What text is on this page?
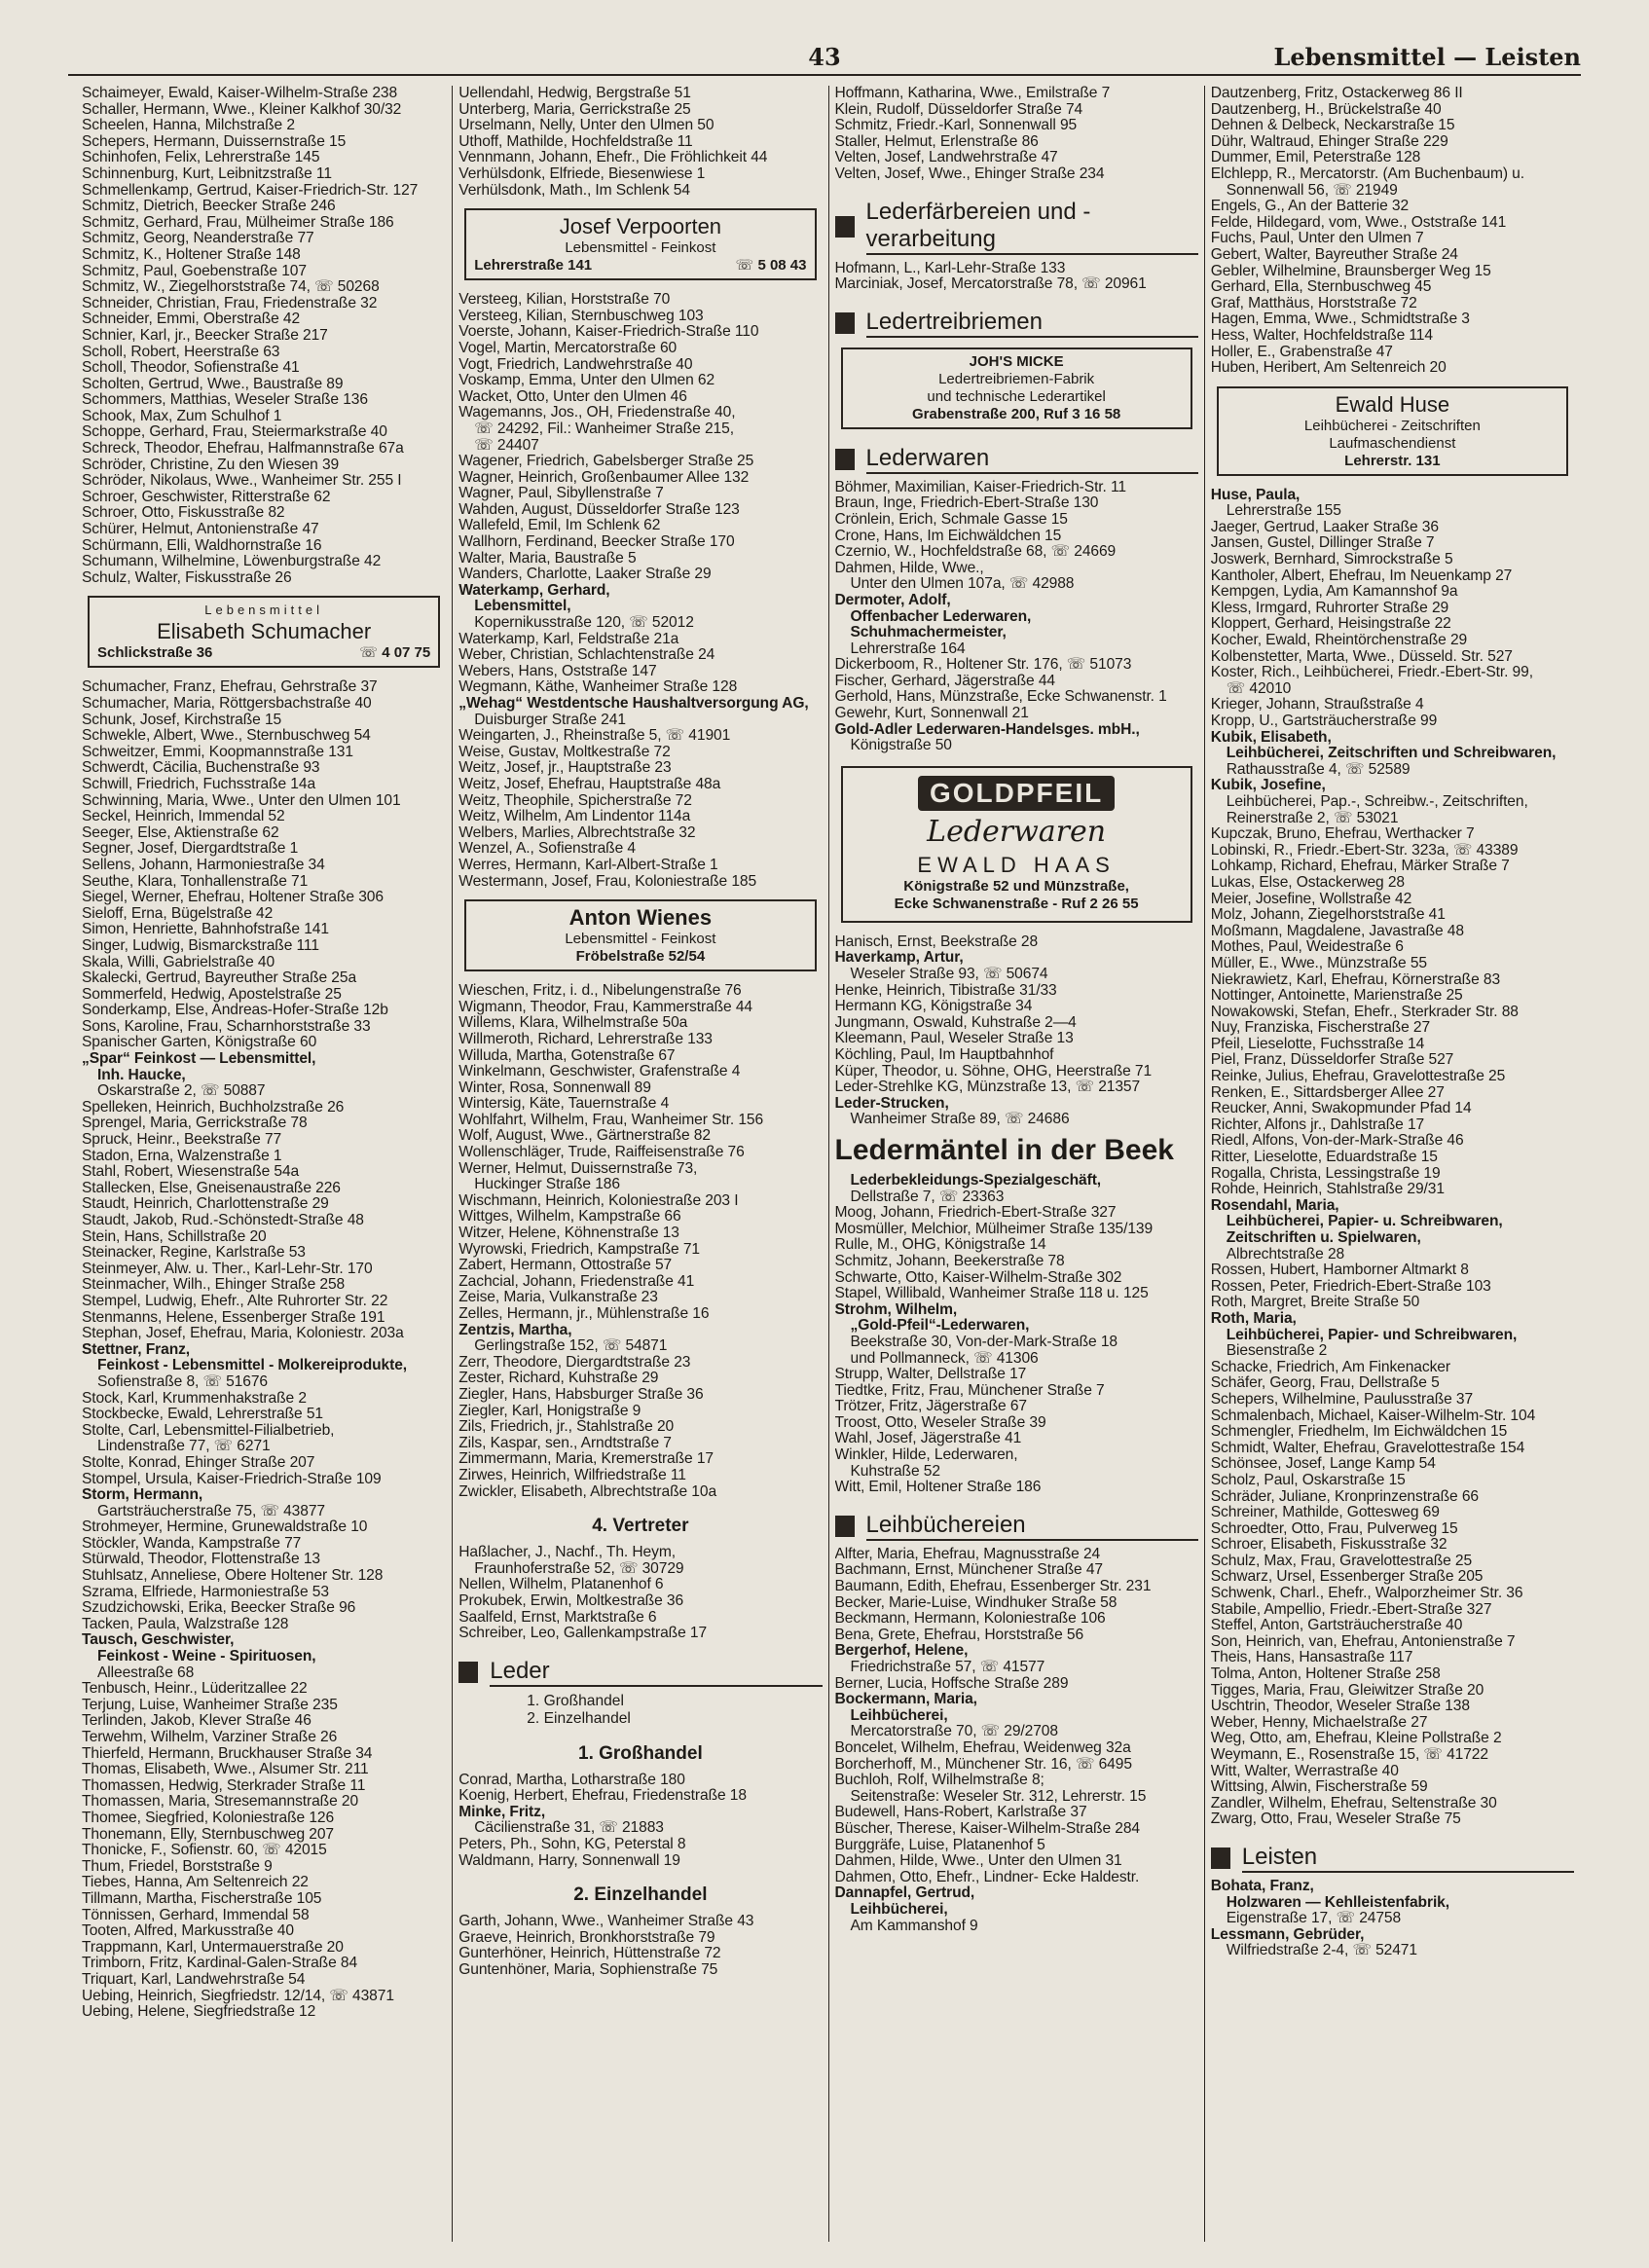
43	Lebensmittel — Leisten
Schaimeyer, Ewald, Kaiser-Wilhelm-Straße 238
Schaller, Hermann, Wwe., Kleiner Kalkhof 30/32
Scheelen, Hanna, Milchstraße 2
Schepers, Hermann, Duissernstraße 15
Schinhofen, Felix, Lehrerstraße 145
Schinnenburg, Kurt, Leibnitzstraße 11
Schmellenkamp, Gertrud, Kaiser-Friedrich-Str. 127
Schmitz, Dietrich, Beecker Straße 246
Schmitz, Gerhard, Frau, Mülheimer Straße 186
Schmitz, Georg, Neanderstraße 77
Schmitz, K., Holtener Straße 148
Schmitz, Paul, Goebenstraße 107
Schmitz, W., Ziegelhorststraße 74, ☏ 50268
Schneider, Christian, Frau, Friedenstraße 32
Schneider, Emmi, Oberstraße 42
Schnier, Karl, jr., Beecker Straße 217
Scholl, Robert, Heerstraße 63
Scholl, Theodor, Sofienstraße 41
Scholten, Gertrud, Wwe., Baustraße 89
Schommers, Matthias, Weseler Straße 136
Schook, Max, Zum Schulhof 1
Schoppe, Gerhard, Frau, Steiermarkstraße 40
Schreck, Theodor, Ehefrau, Halfmannstraße 67a
Schröder, Christine, Zu den Wiesen 39
Schröder, Nikolaus, Wwe., Wanheimer Str. 255 I
Schroer, Geschwister, Ritterstraße 62
Schroer, Otto, Fiskusstraße 82
Schürer, Helmut, Antonienstraße 47
Schürmann, Elli, Waldhornstraße 16
Schumann, Wilhelmine, Löwenburgstraße 42
Schulz, Walter, Fiskusstraße 26
Lebensmittel
Elisabeth Schumacher
Schlickstraße 36	☏ 4 07 75
Schumacher, Franz, Ehefrau, Gehrstraße 37
Schumacher, Maria, Röttgersbachstraße 40
Schunk, Josef, Kirchstraße 15
Schwekle, Albert, Wwe., Sternbuschweg 54
Schweitzer, Emmi, Koopmannstraße 131
Schwerdt, Cäcilia, Buchenstraße 93
Schwill, Friedrich, Fuchsstraße 14a
Schwinning, Maria, Wwe., Unter den Ulmen 101
Seckel, Heinrich, Immendal 52
Seeger, Else, Aktienstraße 62
Segner, Josef, Diergardtstraße 1
Sellens, Johann, Harmoniestraße 34
Seuthe, Klara, Tonhallenstraße 71
Siegel, Werner, Ehefrau, Holtener Straße 306
Sieloff, Erna, Bügelstraße 42
Simon, Henriette, Bahnhofstraße 141
Singer, Ludwig, Bismarckstraße 111
Skala, Willi, Gabrielstraße 40
Skalecki, Gertrud, Bayreuther Straße 25a
Sommerfeld, Hedwig, Apostelstraße 25
Sonderkamp, Else, Andreas-Hofer-Straße 12b
Sons, Karoline, Frau, Scharnhorststraße 33
Spanischer Garten, Königstraße 60
„Spar“ Feinkost — Lebensmittel,
Inh. Haucke,
Oskarstraße 2, ☏ 50887
Spelleken, Heinrich, Buchholzstraße 26
Sprengel, Maria, Gerrickstraße 78
Spruck, Heinr., Beekstraße 77
Stadon, Erna, Walzenstraße 1
Stahl, Robert, Wiesenstraße 54a
Stallecken, Else, Gneisenaustraße 226
Staudt, Heinrich, Charlottenstraße 29
Staudt, Jakob, Rud.-Schönstedt-Straße 48
Stein, Hans, Schillstraße 20
Steinacker, Regine, Karlstraße 53
Steinmeyer, Alw. u. Ther., Karl-Lehr-Str. 170
Steinmacher, Wilh., Ehinger Straße 258
Stempel, Ludwig, Ehefr., Alte Ruhrorter Str. 22
Stenmanns, Helene, Essenberger Straße 191
Stephan, Josef, Ehefrau, Maria, Koloniestr. 203a
Stettner, Franz,
Feinkost - Lebensmittel - Molkereiprodukte,
Sofienstraße 8, ☏ 51676
Stock, Karl, Krummenhakstraße 2
Stockbecke, Ewald, Lehrerstraße 51
Stolte, Carl, Lebensmittel-Filialbetrieb,
Lindenstraße 77, ☏ 6271
Stolte, Konrad, Ehinger Straße 207
Stompel, Ursula, Kaiser-Friedrich-Straße 109
Storm, Hermann,
Gartsträucherstraße 75, ☏ 43877
Strohmeyer, Hermine, Grunewaldstraße 10
Stöckler, Wanda, Kampstraße 77
Stürwald, Theodor, Flottenstraße 13
Stuhlsatz, Anneliese, Obere Holtener Str. 128
Szrama, Elfriede, Harmoniestraße 53
Szudzichowski, Erika, Beecker Straße 96
Tacken, Paula, Walzstraße 128
Tausch, Geschwister,
Feinkost - Weine - Spirituosen,
Alleestraße 68
Tenbusch, Heinr., Lüderitzallee 22
Terjung, Luise, Wanheimer Straße 235
Terlinden, Jakob, Klever Straße 46
Terwehm, Wilhelm, Varziner Straße 26
Thierfeld, Hermann, Bruckhauser Straße 34
Thomas, Elisabeth, Wwe., Alsumer Str. 211
Thomassen, Hedwig, Sterkrader Straße 11
Thomassen, Maria, Stresemannstraße 20
Thomee, Siegfried, Koloniestraße 126
Thonemann, Elly, Sternbuschweg 207
Thonicke, F., Sofienstr. 60, ☏ 42015
Thum, Friedel, Borststraße 9
Tiebes, Hanna, Am Seltenreich 22
Tillmann, Martha, Fischerstraße 105
Tönnissen, Gerhard, Immendal 58
Tooten, Alfred, Markusstraße 40
Trappmann, Karl, Untermauerstraße 20
Trimborn, Fritz, Kardinal-Galen-Straße 84
Triquart, Karl, Landwehrstraße 54
Uebing, Heinrich, Siegfriedstr. 12/14, ☏ 43871
Uebing, Helene, Siegfriedstraße 12
Uellendahl, Hedwig, Bergstraße 51
Unterberg, Maria, Gerrickstraße 25
Urselmann, Nelly, Unter den Ulmen 50
Uthoff, Mathilde, Hochfeldstraße 11
Vennmann, Johann, Ehefr., Die Fröhlichkeit 44
Verhülsdonk, Elfriede, Biesenwiese 1
Verhülsdonk, Math., Im Schlenk 54
Josef Verpoorten
Lebensmittel - Feinkost
Lehrerstraße 141	☏ 5 08 43
Versteeg, Kilian, Horststraße 70
Versteeg, Kilian, Sternbuschweg 103
Voerste, Johann, Kaiser-Friedrich-Straße 110
Vogel, Martin, Mercatorstraße 60
Vogt, Friedrich, Landwehrstraße 40
Voskamp, Emma, Unter den Ulmen 62
Wacket, Otto, Unter den Ulmen 46
Wagemanns, Jos., OH, Friedenstraße 40,
☏ 24292, Fil.: Wanheimer Straße 215,
☏ 24407
Wagener, Friedrich, Gabelsberger Straße 25
Wagner, Heinrich, Großenbaumer Allee 132
Wagner, Paul, Sibyllenstraße 7
Wahden, August, Düsseldorfer Straße 123
Wallefeld, Emil, Im Schlenk 62
Wallhorn, Ferdinand, Beecker Straße 170
Walter, Maria, Baustraße 5
Wanders, Charlotte, Laaker Straße 29
Waterkamp, Gerhard,
Lebensmittel,
Kopernikusstraße 120, ☏ 52012
Waterkamp, Karl, Feldstraße 21a
Weber, Christian, Schlachtenstraße 24
Webers, Hans, Oststraße 147
Wegmann, Käthe, Wanheimer Straße 128
„Wehag“ Westdentsche Haushaltversorgung AG,
Duisburger Straße 241
Weingarten, J., Rheinstraße 5, ☏ 41901
Weise, Gustav, Moltkestraße 72
Weitz, Josef, jr., Hauptstraße 23
Weitz, Josef, Ehefrau, Hauptstraße 48a
Weitz, Theophile, Spicherstraße 72
Weitz, Wilhelm, Am Lindentor 114a
Welbers, Marlies, Albrechtstraße 32
Wenzel, A., Sofienstraße 4
Werres, Hermann, Karl-Albert-Straße 1
Westermann, Josef, Frau, Koloniestraße 185
Anton Wienes
Lebensmittel - Feinkost
Fröbelstraße 52/54
Wieschen, Fritz, i. d., Nibelungenstraße 76
Wigmann, Theodor, Frau, Kammerstraße 44
Willems, Klara, Wilhelmstraße 50a
Willmeroth, Richard, Lehrerstraße 133
Willuda, Martha, Gotenstraße 67
Winkelmann, Geschwister, Grafenstraße 4
Winter, Rosa, Sonnenwall 89
Wintersig, Käte, Tauernstraße 4
Wohlfahrt, Wilhelm, Frau, Wanheimer Str. 156
Wolf, August, Wwe., Gärtnerstraße 82
Wollenschläger, Trude, Raiffeisenstraße 76
Werner, Helmut, Duissernstraße 73,
Huckinger Straße 186
Wischmann, Heinrich, Koloniestraße 203 I
Wittges, Wilhelm, Kampstraße 66
Witzer, Helene, Köhnenstraße 13
Wyrowski, Friedrich, Kampstraße 71
Zabert, Hermann, Ottostraße 57
Zachcial, Johann, Friedenstraße 41
Zeise, Maria, Vulkanstraße 23
Zelles, Hermann, jr., Mühlenstraße 16
Zentzis, Martha,
Gerlingstraße 152, ☏ 54871
Zerr, Theodore, Diergardtstraße 23
Zester, Richard, Kuhstraße 29
Ziegler, Hans, Habsburger Straße 36
Ziegler, Karl, Honigstraße 9
Zils, Friedrich, jr., Stahlstraße 20
Zils, Kaspar, sen., Arndtstraße 7
Zimmermann, Maria, Kremerstraße 17
Zirwes, Heinrich, Wilfriedstraße 11
Zwickler, Elisabeth, Albrechtstraße 10a
4. Vertreter
Haßlacher, J., Nachf., Th. Heym,
Fraunhoferstraße 52, ☏ 30729
Nellen, Wilhelm, Platanenhof 6
Prokubek, Erwin, Moltkestraße 36
Saalfeld, Ernst, Marktstraße 6
Schreiber, Leo, Gallenkampstraße 17
Leder
1. Großhandel
2. Einzelhandel
1. Großhandel
Conrad, Martha, Lotharstraße 180
Koenig, Herbert, Ehefrau, Friedenstraße 18
Minke, Fritz,
Cäcilienstraße 31, ☏ 21883
Peters, Ph., Sohn, KG, Peterstal 8
Waldmann, Harry, Sonnenwall 19
2. Einzelhandel
Garth, Johann, Wwe., Wanheimer Straße 43
Graeve, Heinrich, Bronkhorststraße 79
Gunterhöner, Heinrich, Hüttenstraße 72
Guntenhöner, Maria, Sophienstraße 75
Hoffmann, Katharina, Wwe., Emilstraße 7
Klein, Rudolf, Düsseldorfer Straße 74
Schmitz, Friedr.-Karl, Sonnenwall 95
Staller, Helmut, Erlenstraße 86
Velten, Josef, Landwehrstraße 47
Velten, Josef, Wwe., Ehinger Straße 234
Lederfärbereien und -verarbeitung
Hofmann, L., Karl-Lehr-Straße 133
Marciniak, Josef, Mercatorstraße 78, ☏ 20961
Ledertreibriemen
JOH'S MICKE
Ledertreibriemen-Fabrik
und technische Lederartikel
Grabenstraße 200, Ruf 3 16 58
Lederwaren
Böhmer, Maximilian, Kaiser-Friedrich-Str. 11
Braun, Inge, Friedrich-Ebert-Straße 130
Crönlein, Erich, Schmale Gasse 15
Crone, Hans, Im Eichwäldchen 15
Czernio, W., Hochfeldstraße 68, ☏ 24669
Dahmen, Hilde, Wwe.,
Unter den Ulmen 107a, ☏ 42988
Dermoter, Adolf,
Offenbacher Lederwaren,
Schuhmachermeister,
Lehrerstraße 164
Dickerboom, R., Holtener Str. 176, ☏ 51073
Fischer, Gerhard, Jägerstraße 44
Gerhold, Hans, Münzstraße, Ecke Schwanenstr. 1
Gewehr, Kurt, Sonnenwall 21
Gold-Adler Lederwaren-Handelsges. mbH.,
Königstraße 50
GOLDPFEIL
Lederwaren
EWALD HAAS
Königstraße 52 und Münzstraße,
Ecke Schwanenstraße - Ruf 2 26 55
Hanisch, Ernst, Beekstraße 28
Haverkamp, Artur,
Weseler Straße 93, ☏ 50674
Henke, Heinrich, Tibistraße 31/33
Hermann KG, Königstraße 34
Jungmann, Oswald, Kuhstraße 2—4
Kleemann, Paul, Weseler Straße 13
Köchling, Paul, Im Hauptbahnhof
Küper, Theodor, u. Söhne, OHG, Heerstraße 71
Leder-Strehlke KG, Münzstraße 13, ☏ 21357
Leder-Strucken,
Wanheimer Straße 89, ☏ 24686
Ledermäntel in der Beek
Lederbekleidungs-Spezialgeschäft,
Dellstraße 7, ☏ 23363
Moog, Johann, Friedrich-Ebert-Straße 327
Mosmüller, Melchior, Mülheimer Straße 135/139
Rulle, M., OHG, Königstraße 14
Schmitz, Johann, Beekerstraße 78
Schwarte, Otto, Kaiser-Wilhelm-Straße 302
Stapel, Willibald, Wanheimer Straße 118 u. 125
Strohm, Wilhelm,
„Gold-Pfeil“-Lederwaren,
Beekstraße 30, Von-der-Mark-Straße 18
und Pollmanneck, ☏ 41306
Strupp, Walter, Dellstraße 17
Tiedtke, Fritz, Frau, Münchener Straße 7
Trötzer, Fritz, Jägerstraße 67
Troost, Otto, Weseler Straße 39
Wahl, Josef, Jägerstraße 41
Winkler, Hilde, Lederwaren,
Kuhstraße 52
Witt, Emil, Holtener Straße 186
Leihbüchereien
Alfter, Maria, Ehefrau, Magnusstraße 24
Bachmann, Ernst, Münchener Straße 47
Baumann, Edith, Ehefrau, Essenberger Str. 231
Becker, Marie-Luise, Windhuker Straße 58
Beckmann, Hermann, Koloniestraße 106
Bena, Grete, Ehefrau, Horststraße 56
Bergerhof, Helene,
Friedrichstraße 57, ☏ 41577
Berner, Lucia, Hoffsche Straße 289
Bockermann, Maria,
Leihbücherei,
Mercatorstraße 70, ☏ 29/2708
Boncelet, Wilhelm, Ehefrau, Weidenweg 32a
Borcherhoff, M., Münchener Str. 16, ☏ 6495
Buchloh, Rolf, Wilhelmstraße 8;
Seitenstraße: Weseler Str. 312, Lehrerstr. 15
Budewell, Hans-Robert, Karlstraße 37
Büscher, Therese, Kaiser-Wilhelm-Straße 284
Burggräfe, Luise, Platanenhof 5
Dahmen, Hilde, Wwe., Unter den Ulmen 31
Dahmen, Otto, Ehefr., Lindner- Ecke Haldestr.
Dannapfel, Gertrud,
Leihbücherei,
Am Kammanshof 9
Dautzenberg, Fritz, Ostackerweg 86 II
Dautzenberg, H., Brückelstraße 40
Dehnen & Delbeck, Neckarstraße 15
Dühr, Waltraud, Ehinger Straße 229
Dummer, Emil, Peterstraße 128
Elchlepp, R., Mercatorstr. (Am Buchenbaum) u.
Sonnenwall 56, ☏ 21949
Engels, G., An der Batterie 32
Felde, Hildegard, vom, Wwe., Oststraße 141
Fuchs, Paul, Unter den Ulmen 7
Gebert, Walter, Bayreuther Straße 24
Gebler, Wilhelmine, Braunsberger Weg 15
Gerhard, Ella, Sternbuschweg 45
Graf, Matthäus, Horststraße 72
Hagen, Emma, Wwe., Schmidtstraße 3
Hess, Walter, Hochfeldstraße 114
Holler, E., Grabenstraße 47
Huben, Heribert, Am Seltenreich 20
Ewald Huse
Leihbücherei - Zeitschriften
Laufmaschendienst
Lehrerstr. 131
Huse, Paula,
Lehrerstraße 155
Jaeger, Gertrud, Laaker Straße 36
Jansen, Gustel, Dillinger Straße 7
Joswerk, Bernhard, Simrockstraße 5
Kantholer, Albert, Ehefrau, Im Neuenkamp 27
Kempgen, Lydia, Am Kamannshof 9a
Kless, Irmgard, Ruhrorter Straße 29
Kloppert, Gerhard, Heisingstraße 22
Kocher, Ewald, Rheintörchenstraße 29
Kolbenstetter, Marta, Wwe., Düsseld. Str. 527
Koster, Rich., Leihbücherei, Friedr.-Ebert-Str. 99,
☏ 42010
Krieger, Johann, Straußstraße 4
Kropp, U., Gartsträucherstraße 99
Kubik, Elisabeth,
Leihbücherei, Zeitschriften und Schreibwaren,
Rathausstraße 4, ☏ 52589
Kubik, Josefine,
Leihbücherei, Pap.-, Schreibw.-, Zeitschriften,
Reinerstraße 2, ☏ 53021
Kupczak, Bruno, Ehefrau, Werthacker 7
Lobinski, R., Friedr.-Ebert-Str. 323a, ☏ 43389
Lohkamp, Richard, Ehefrau, Märker Straße 7
Lukas, Else, Ostackerweg 28
Meier, Josefine, Wollstraße 42
Molz, Johann, Ziegelhorststraße 41
Moßmann, Magdalene, Javastraße 48
Mothes, Paul, Weidestraße 6
Müller, E., Wwe., Münzstraße 55
Niekrawietz, Karl, Ehefrau, Körnerstraße 83
Nottinger, Antoinette, Marienstraße 25
Nowakowski, Stefan, Ehefr., Sterkrader Str. 88
Nuy, Franziska, Fischerstraße 27
Pfeil, Lieselotte, Fuchsstraße 14
Piel, Franz, Düsseldorfer Straße 527
Reinke, Julius, Ehefrau, Gravelottestraße 25
Renken, E., Sittardsberger Allee 27
Reucker, Anni, Swakopmunder Pfad 14
Richter, Alfons jr., Dahlstraße 17
Riedl, Alfons, Von-der-Mark-Straße 46
Ritter, Lieselotte, Eduardstraße 15
Rogalla, Christa, Lessingstraße 19
Rohde, Heinrich, Stahlstraße 29/31
Rosendahl, Maria,
Leihbücherei, Papier- u. Schreibwaren,
Zeitschriften u. Spielwaren,
Albrechtstraße 28
Rossen, Hubert, Hamborner Altmarkt 8
Rossen, Peter, Friedrich-Ebert-Straße 103
Roth, Margret, Breite Straße 50
Roth, Maria,
Leihbücherei, Papier- und Schreibwaren,
Biesenstraße 2
Schacke, Friedrich, Am Finkenacker
Schäfer, Georg, Frau, Dellstraße 5
Schepers, Wilhelmine, Paulusstraße 37
Schmalenbach, Michael, Kaiser-Wilhelm-Str. 104
Schmengler, Friedhelm, Im Eichwäldchen 15
Schmidt, Walter, Ehefrau, Gravelottestraße 154
Schönsee, Josef, Lange Kamp 54
Scholz, Paul, Oskarstraße 15
Schräder, Juliane, Kronprinzenstraße 66
Schreiner, Mathilde, Gottesweg 69
Schroedter, Otto, Frau, Pulverweg 15
Schroer, Elisabeth, Fiskusstraße 32
Schulz, Max, Frau, Gravelottestraße 25
Schwarz, Ursel, Essenberger Straße 205
Schwenk, Charl., Ehefr., Walporzheimer Str. 36
Stabile, Ampellio, Friedr.-Ebert-Straße 327
Steffel, Anton, Gartsträucherstraße 40
Son, Heinrich, van, Ehefrau, Antonienstraße 7
Theis, Hans, Hansastraße 117
Tolma, Anton, Holtener Straße 258
Tigges, Maria, Frau, Gleiwitzer Straße 20
Uschtrin, Theodor, Weseler Straße 138
Weber, Henny, Michaelstraße 27
Weg, Otto, am, Ehefrau, Kleine Pollstraße 2
Weymann, E., Rosenstraße 15, ☏ 41722
Witt, Walter, Werrastraße 40
Wittsing, Alwin, Fischerstraße 59
Zandler, Wilhelm, Ehefrau, Seltenstraße 30
Zwarg, Otto, Frau, Weseler Straße 75
Leisten
Bohata, Franz,
Holzwaren — Kehlleistenfabrik,
Eigenstraße 17, ☏ 24758
Lessmann, Gebrüder,
Wilfriedstraße 2-4, ☏ 52471
